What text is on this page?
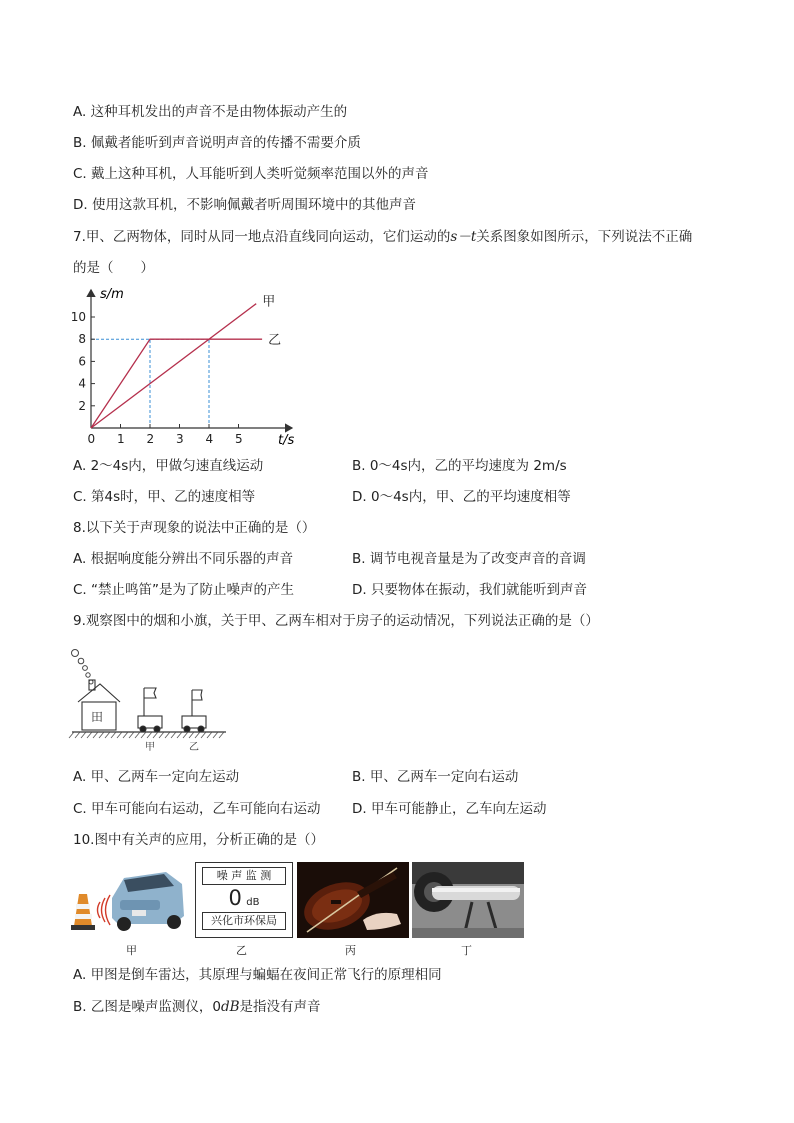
A. 这种耳机发出的声音不是由物体振动产生的
B. 佩戴者能听到声音说明声音的传播不需要介质
C. 戴上这种耳机，人耳能听到人类听觉频率范围以外的声音
D. 使用这款耳机，不影响佩戴者听周围环境中的其他声音
7.甲、乙两物体，同时从同一地点沿直线同向运动，它们运动的s－t关系图象如图所示，下列说法不正确
的是（　　）
0 1 2 3 4 5
2
4
6
8
10
甲
乙
s/m
t/s
A. 2～4s内，甲做匀速直线运动	B. 0～4s内，乙的平均速度为 2m/s
C. 第4s时，甲、乙的速度相等	D. 0～4s内，甲、乙的平均速度相等
8.以下关于声现象的说法中正确的是（）
A. 根据响度能分辨出不同乐器的声音	B. 调节电视音量是为了改变声音的音调
C. “禁止鸣笛”是为了防止噪声的产生	D. 只要物体在振动，我们就能听到声音
9.观察图中的烟和小旗，关于甲、乙两车相对于房子的运动情况，下列说法正确的是（）
田
甲	乙
A. 甲、乙两车一定向左运动	B. 甲、乙两车一定向右运动
C. 甲车可能向右运动，乙车可能向右运动 D. 甲车可能静止，乙车向左运动
10.图中有关声的应用，分析正确的是（）
噪 声 监 测
0 dB
兴化市环保局
甲	乙	丙	丁
A. 甲图是倒车雷达，其原理与蝙蝠在夜间正常飞行的原理相同
B. 乙图是噪声监测仪，0dB是指没有声音
